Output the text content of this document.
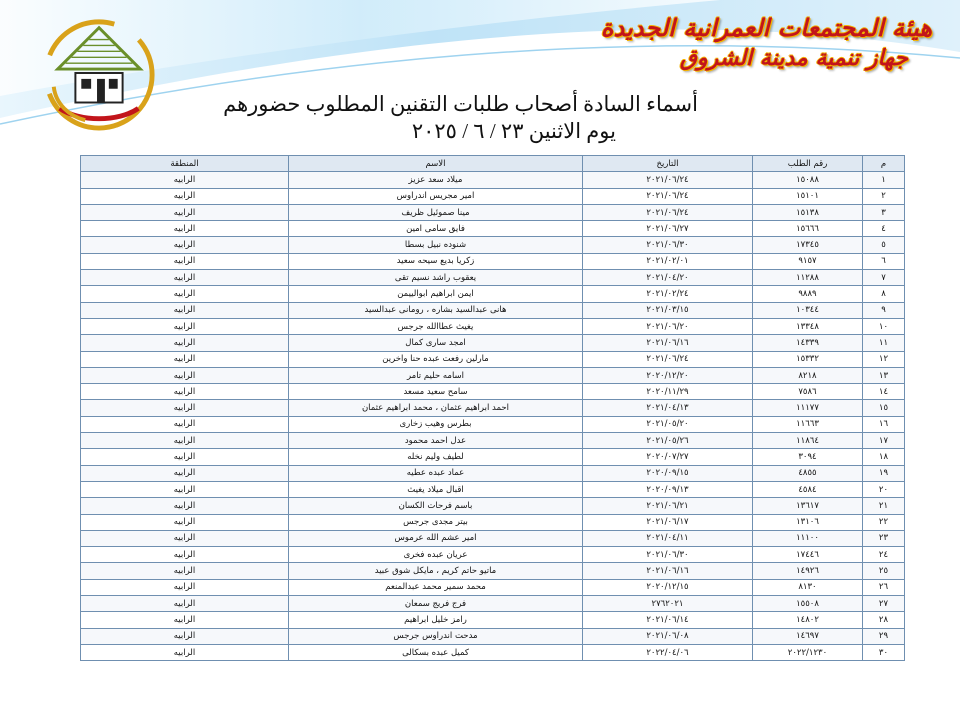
هيئة المجتمعات العمرانية الجديدة
جهاز تنمية مدينة الشروق
أسماء السادة أصحاب طلبات التقنين المطلوب حضورهم
يوم الاثنين ٢٣ / ٦ / ٢٠٢٥
م	رقم الطلب	التاريخ	الاسم	المنطقة
١	١٥٠٨٨	٢٠٢١/٠٦/٢٤	ميلاد سعد عزيز	الرابيه
٢	١٥١٠١	٢٠٢١/٠٦/٢٤	امير مجريس اندراوس	الرابيه
٣	١٥١٣٨	٢٠٢١/٠٦/٢٤	مينا صموئيل ظريف	الرابيه
٤	١٥٦٦٦	٢٠٢١/٠٦/٢٧	فايق سامى امين	الرابيه
٥	١٧٣٤٥	٢٠٢١/٠٦/٣٠	شنوده نبيل بسطا	الرابيه
٦	٩١٥٧	٢٠٢١/٠٢/٠١	زكريا بديع سيحه سعيد	الرابيه
٧	١١٢٨٨	٢٠٢١/٠٤/٢٠	يعقوب راشد نسيم تقى	الرابيه
٨	٩٨٨٩	٢٠٢١/٠٢/٢٤	ايمن ابراهيم ابوالييمن	الرابيه
٩	١٠٣٤٤	٢٠٢١/٠٣/١٥	هانى عبدالسيد بشاره ، رومانى عبدالسيد	الرابيه
١٠	١٣٣٤٨	٢٠٢١/٠٦/٢٠	يغيث عطاالله جرجس	الرابيه
١١	١٤٣٣٩	٢٠٢١/٠٦/١٦	امجد سارى كمال	الرابيه
١٢	١٥٣٣٢	٢٠٢١/٠٦/٢٤	مارلين رفعت عبده حنا واخرين	الرابيه
١٣	٨٢١٨	٢٠٢٠/١٢/٢٠	اسامه حليم تامر	الرابيه
١٤	٧٥٨٦	٢٠٢٠/١١/٢٩	سامح سعيد مسعد	الرابيه
١٥	١١١٧٧	٢٠٢١/٠٤/١٣	احمد ابراهيم عثمان ، محمد ابراهيم عثمان	الرابيه
١٦	١١٦٦٣	٢٠٢١/٠٥/٢٠	بطرس وهيب زخارى	الرابيه
١٧	١١٨٦٤	٢٠٢١/٠٥/٢٦	عدل احمد محمود	الرابيه
١٨	٣٠٩٤	٢٠٢٠/٠٧/٢٧	لطيف وليم نخله	الرابيه
١٩	٤٨٥٥	٢٠٢٠/٠٩/١٥	عماد عبده عطيه	الرابيه
٢٠	٤٥٨٤	٢٠٢٠/٠٩/١٣	اقبال ميلاد يغيث	الرابيه
٢١	١٣٦١٧	٢٠٢١/٠٦/٢١	باسم فرحات الكسان	الرابيه
٢٢	١٣١٠٦	٢٠٢١/٠٦/١٧	بيتر مجدى جرجس	الرابيه
٢٣	١١١٠٠	٢٠٢١/٠٤/١١	امير عشم الله عرموس	الرابيه
٢٤	١٧٤٤٦	٢٠٢١/٠٦/٣٠	عريان عبده فخرى	الرابيه
٢٥	١٤٩٢٦	٢٠٢١/٠٦/١٦	ماتيو حاتم كريم ، مايكل شوق عبيد	الرابيه
٢٦	٨١٣٠	٢٠٢٠/١٢/١٥	محمد سمير محمد عبدالمنعم	الرابيه
٢٧	١٥٥٠٨	٢٧٦٢٠٢١	فرج فريج سمعان	الرابيه
٢٨	١٤٨٠٢	٢٠٢١/٠٦/١٤	رامز خليل ابراهيم	الرابيه
٢٩	١٤٦٩٧	٢٠٢١/٠٦/٠٨	مدحت اندراوس جرجس	الرابيه
٣٠	٢٠٢٢/١٢٣٠	٢٠٢٢/٠٤/٠٦	كميل عبده بسكالى	الرابيه
